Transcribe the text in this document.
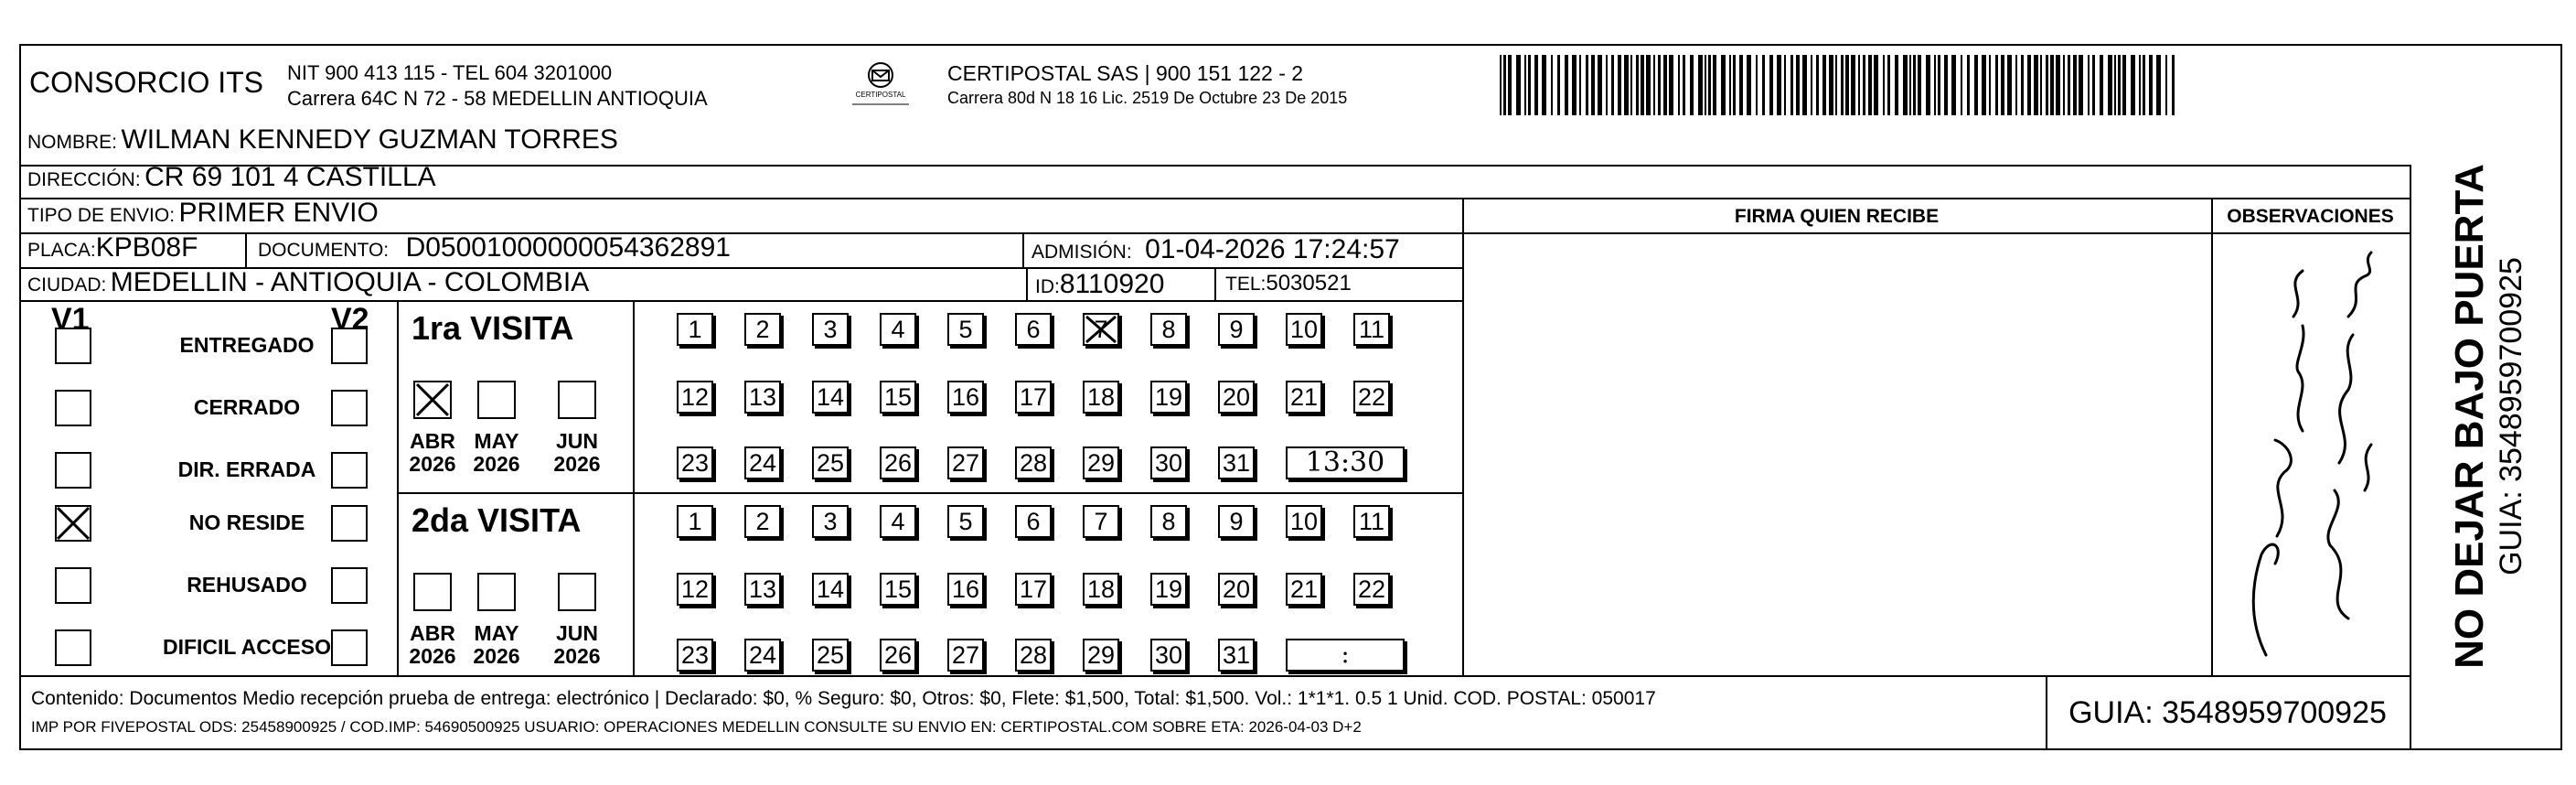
CONSORCIO ITS NIT 900 413 115 - TEL 604 3201000
Carrera 64C N 72 - 58 MEDELLIN ANTIOQUIA	CERTIPOSTAL
CERTIPOSTAL SAS | 900 151 122 - 2
Carrera 80d N 18 16 Lic. 2519 De Octubre 23 De 2015
NOMBRE: WILMAN KENNEDY GUZMAN TORRES
DIRECCIÓN: CR 69 101 4 CASTILLA
TIPO DE ENVIO: PRIMER ENVIO	FIRMA QUIEN RECIBE	OBSERVACIONES
PLACA:KPB08F	DOCUMENTO: D05001000000054362891	ADMISIÓN: 01-04-2026 17:24:57
CIUDAD: MEDELLIN - ANTIOQUIA - COLOMBIA	ID:8110920	TEL:5030521
V1	V2
ENTREGADO
CERRADO
DIR. ERRADA
NO RESIDE
REHUSADO
DIFICIL ACCESO
1ra VISITA
ABR
2026
MAY
2026
JUN
2026
1	2	3	4	5	6	7	8	9	10 11
12 13 14 15 16 17 18 19 20 21 22
23 24 25 26 27 28 29 30 31	13:30
2da VISITA
ABR
2026
MAY
2026
JUN
2026
1	2	3	4	5	6	7	8	9	10 11
12 13 14 15 16 17 18 19 20 21 22
23 24 25 26 27 28 29 30 31	:
Contenido: Documentos Medio recepción prueba de entrega: electrónico | Declarado: $0, % Seguro: $0, Otros: $0, Flete: $1,500, Total: $1,500. Vol.: 1*1*1. 0.5 1 Unid. COD. POSTAL: 050017
IMP POR FIVEPOSTAL ODS: 25458900925 / COD.IMP: 54690500925 USUARIO: OPERACIONES MEDELLIN CONSULTE SU ENVIO EN: CERTIPOSTAL.COM SOBRE ETA: 2026-04-03 D+2	GUIA: 3548959700925
NO DEJAR BAJO PUERTA GUIA: 3548959700925
